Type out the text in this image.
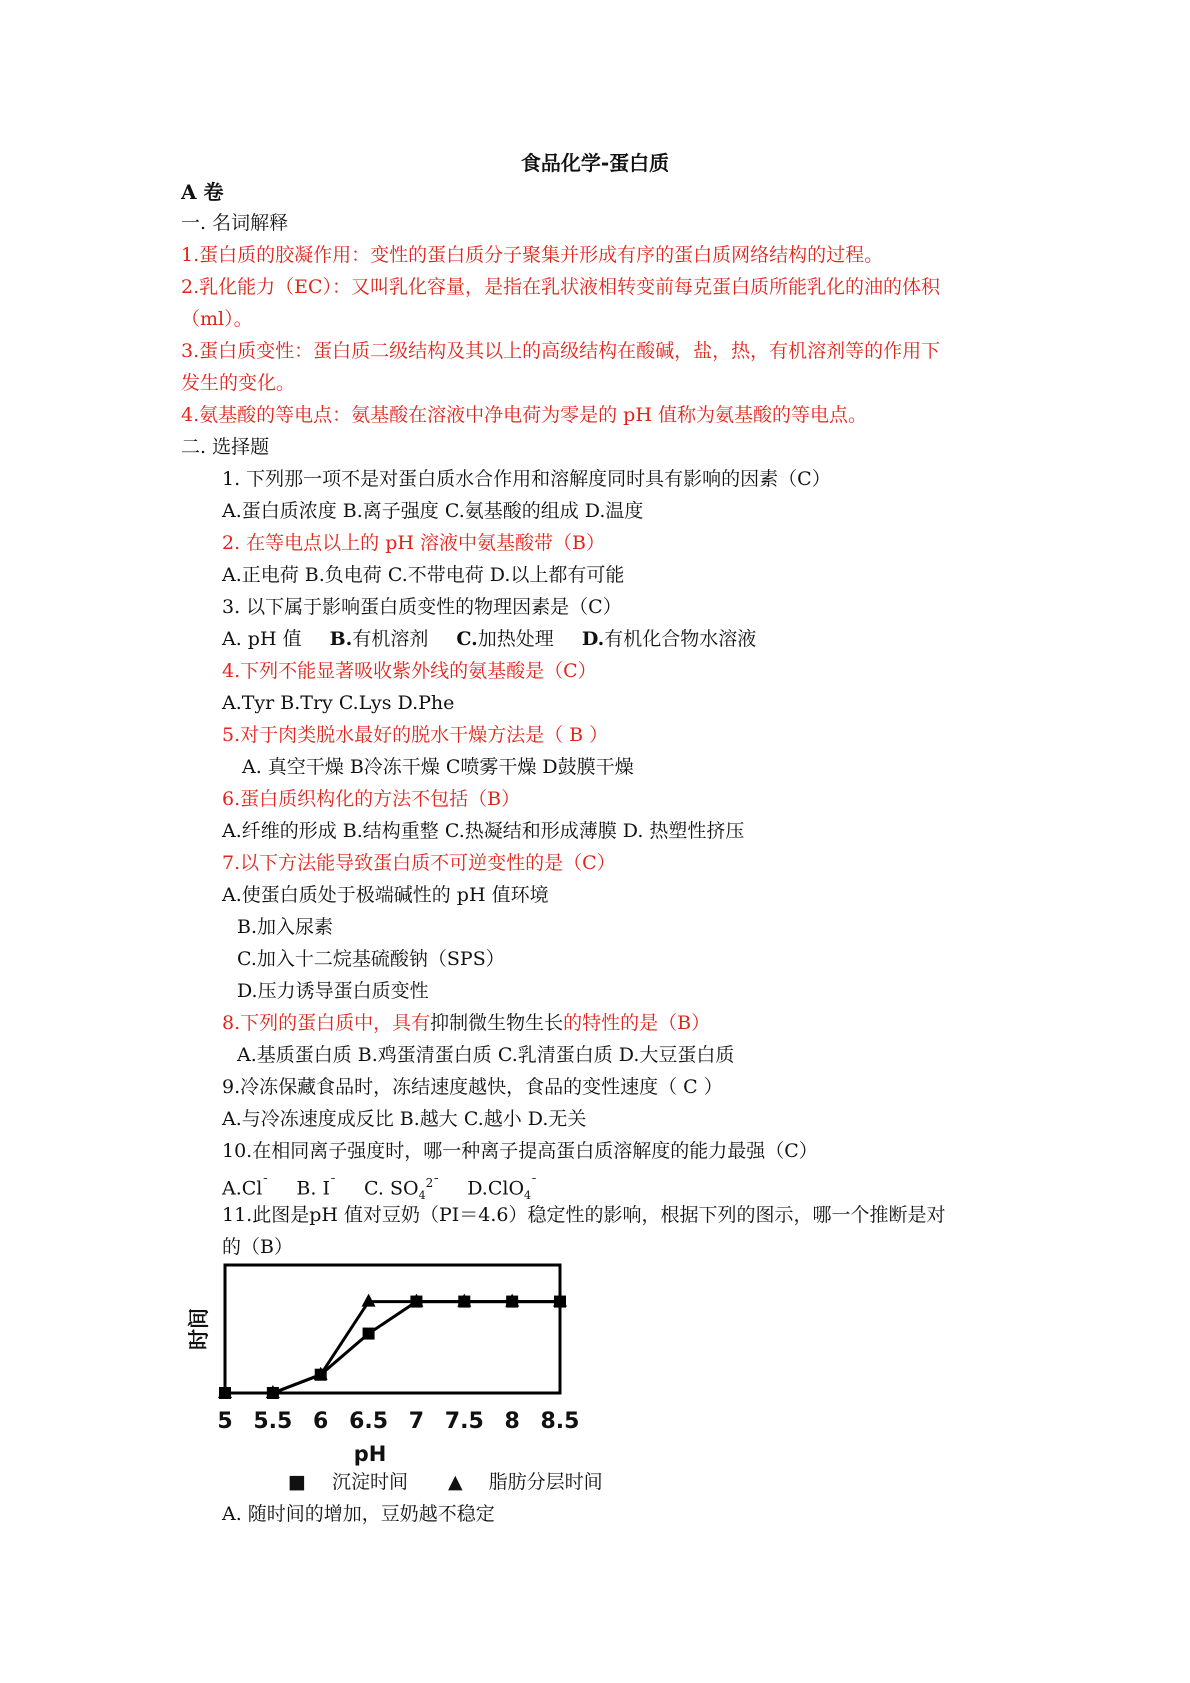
食品化学-蛋白质
A 卷
一. 名词解释
1.蛋白质的胶凝作用：变性的蛋白质分子聚集并形成有序的蛋白质网络结构的过程。
2.乳化能力（EC）：又叫乳化容量，是指在乳状液相转变前每克蛋白质所能乳化的油的体积
（ml）。
3.蛋白质变性：蛋白质二级结构及其以上的高级结构在酸碱，盐，热，有机溶剂等的作用下
发生的变化。
4.氨基酸的等电点：氨基酸在溶液中净电荷为零是的 pH 值称为氨基酸的等电点。
二. 选择题
1. 下列那一项不是对蛋白质水合作用和溶解度同时具有影响的因素（C）
A.蛋白质浓度 B.离子强度 C.氨基酸的组成 D.温度
2. 在等电点以上的 pH 溶液中氨基酸带（B）
A.正电荷 B.负电荷 C.不带电荷 D.以上都有可能
3. 以下属于影响蛋白质变性的物理因素是（C）
A. pH 值 B.有机溶剂 C.加热处理 D.有机化合物水溶液
4.下列不能显著吸收紫外线的氨基酸是（C）
A.Tyr B.Try C.Lys D.Phe
5.对于肉类脱水最好的脱水干燥方法是（ B ）
A. 真空干燥 B冷冻干燥 C喷雾干燥 D鼓膜干燥
6.蛋白质织构化的方法不包括（B）
A.纤维的形成 B.结构重整 C.热凝结和形成薄膜 D. 热塑性挤压
7.以下方法能导致蛋白质不可逆变性的是（C）
A.使蛋白质处于极端碱性的 pH 值环境
B.加入尿素
C.加入十二烷基硫酸钠（SPS）
D.压力诱导蛋白质变性
8.下列的蛋白质中，具有抑制微生物生长的特性的是（B）
A.基质蛋白质 B.鸡蛋清蛋白质 C.乳清蛋白质 D.大豆蛋白质
9.冷冻保藏食品时，冻结速度越快，食品的变性速度（ C ）
A.与冷冻速度成反比 B.越大 C.越小 D.无关
10.在相同离子强度时，哪一种离子提高蛋白质溶解度的能力最强（C）
A.Cl¯ B. I¯ C. $SO_4^{2¯}$ D.ClO$_4$¯
11.此图是pH 值对豆奶（PI＝4.6）稳定性的影响，根据下列的图示，哪一个推断是对
的（B）
5 5.5 6 6.5 7 7.5 8 8.5
pH
时间
■ 沉淀时间 ▲ 脂肪分层时间
A. 随时间的增加，豆奶越不稳定
